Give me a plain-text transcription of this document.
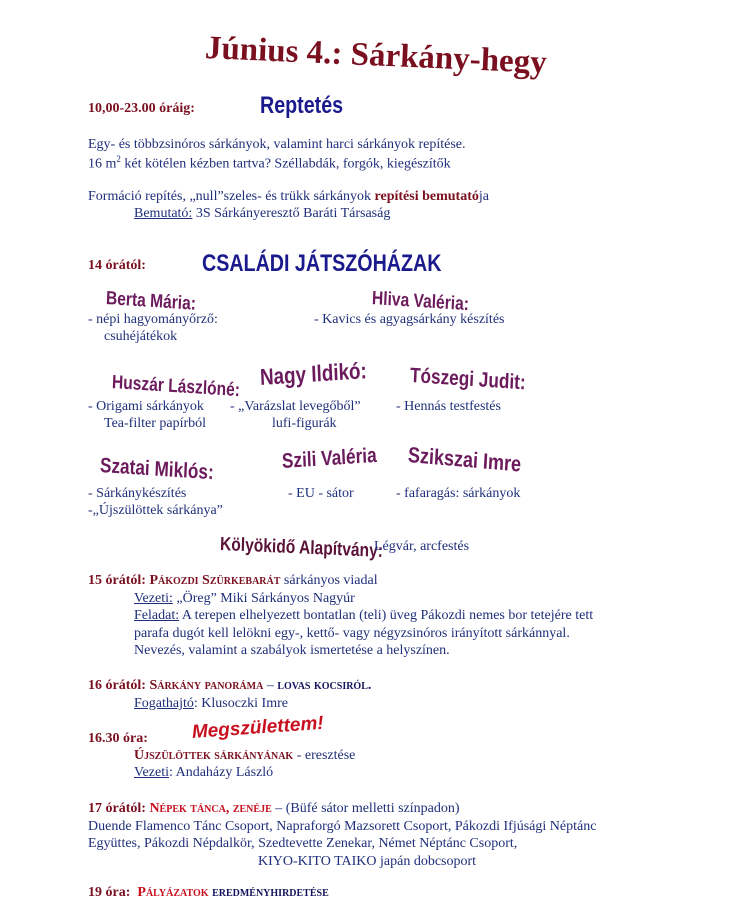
Június 4.: Sárkány-hegy
10,00-23.00 óráig:	Reptetés
Egy- és többzsinóros sárkányok, valamint harci sárkányok repítése.
16 $m^2$ két kötélen kézben tartva? Széllabdák, forgók, kiegészítők
Formáció repítés, „null”szeles- és trükk sárkányok repítési bemutatója
Bemutató: 3S Sárkányeresztő Baráti Társaság
14 órától: CSALÁDI JÁTSZÓHÁZAK
Berta Mária:
- népi hagyományőrző:
csuhéjátékok
Hliva Valéria:
- Kavics és agyagsárkány készítés
Huszár Lászlóné:
- Origami sárkányok
Tea-filter papírból
Nagy Ildikó:
- „Varázslat levegőből”
lufi-figurák
Tószegi Judit:
- Hennás testfestés
Szatai Miklós:
- Sárkánykészítés
-„Újszülöttek sárkánya”
Szili Valéria
- EU - sátor
Szikszai Imre
- fafaragás: sárkányok
Kölyökidő Alapítvány:
Légvár, arcfestés
15 órától: Pákozdi Szürkebarát sárkányos viadal
Vezeti: „Öreg” Miki Sárkányos Nagyúr
Feladat: A terepen elhelyezett bontatlan (teli) üveg Pákozdi nemes bor tetejére tett
parafa dugót kell lelökni egy-, kettő- vagy négyzsinóros irányított sárkánnyal.
Nevezés, valamint a szabályok ismertetése a helyszínen.
16 órától: Sárkány panoráma – lovas kocsiról.
Fogathajtó: Klusoczki Imre
16.30 óra: Megszülettem!
Újszülöttek sárkányának - eresztése
Vezeti: Andaházy László
17 órától: Népek tánca, zenéje – (Büfé sátor melletti színpadon)
Duende Flamenco Tánc Csoport, Napraforgó Mazsorett Csoport, Pákozdi Ifjúsági Néptánc
Együttes, Pákozdi Népdalkör, Szedtevette Zenekar, Német Néptánc Csoport,
KIYO-KITO TAIKO japán dobcsoport
19 óra: Pályázatok eredményhirdetése
